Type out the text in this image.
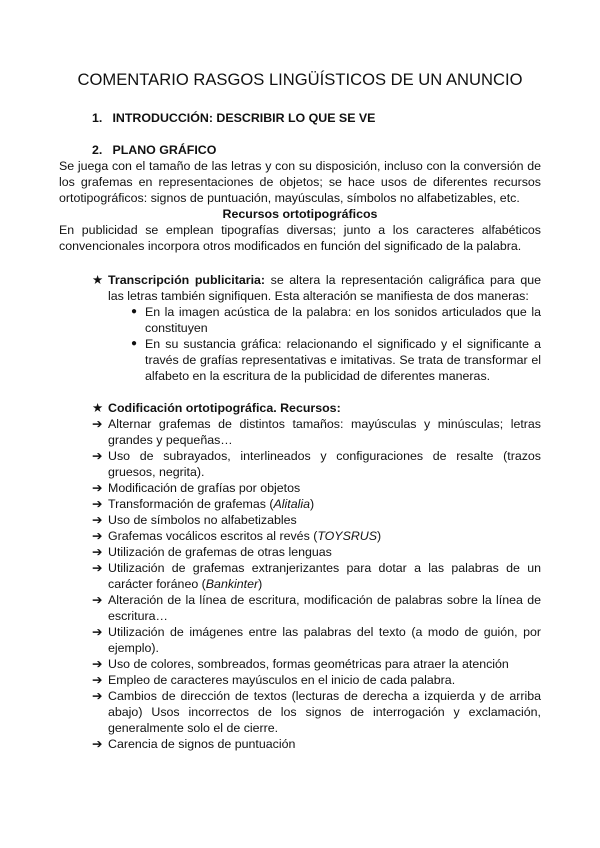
COMENTARIO RASGOS LINGÜÍSTICOS DE UN ANUNCIO
1. INTRODUCCIÓN: DESCRIBIR LO QUE SE VE
2. PLANO GRÁFICO
Se juega con el tamaño de las letras y con su disposición, incluso con la conversión de los grafemas en representaciones de objetos; se hace usos de diferentes recursos ortotipográficos: signos de puntuación, mayúsculas, símbolos no alfabetizables, etc.
Recursos ortotipográficos
En publicidad se emplean tipografías diversas; junto a los caracteres alfabéticos convencionales incorpora otros modificados en función del significado de la palabra.
★ Transcripción publicitaria: se altera la representación caligráfica para que las letras también signifiquen. Esta alteración se manifiesta de dos maneras:
● En la imagen acústica de la palabra: en los sonidos articulados que la constituyen
● En su sustancia gráfica: relacionando el significado y el significante a través de grafías representativas e imitativas. Se trata de transformar el alfabeto en la escritura de la publicidad de diferentes maneras.
★ Codificación ortotipográfica. Recursos:
➔ Alternar grafemas de distintos tamaños: mayúsculas y minúsculas; letras grandes y pequeñas…
➔ Uso de subrayados, interlineados y configuraciones de resalte (trazos gruesos, negrita).
➔ Modificación de grafías por objetos
➔ Transformación de grafemas (Alitalia)
➔ Uso de símbolos no alfabetizables
➔ Grafemas vocálicos escritos al revés (TOYSRUS)
➔ Utilización de grafemas de otras lenguas
➔ Utilización de grafemas extranjerizantes para dotar a las palabras de un carácter foráneo (Bankinter)
➔ Alteración de la línea de escritura, modificación de palabras sobre la línea de escritura…
➔ Utilización de imágenes entre las palabras del texto (a modo de guión, por ejemplo).
➔ Uso de colores, sombreados, formas geométricas para atraer la atención
➔ Empleo de caracteres mayúsculos en el inicio de cada palabra.
➔ Cambios de dirección de textos (lecturas de derecha a izquierda y de arriba abajo) Usos incorrectos de los signos de interrogación y exclamación, generalmente solo el de cierre.
➔ Carencia de signos de puntuación
